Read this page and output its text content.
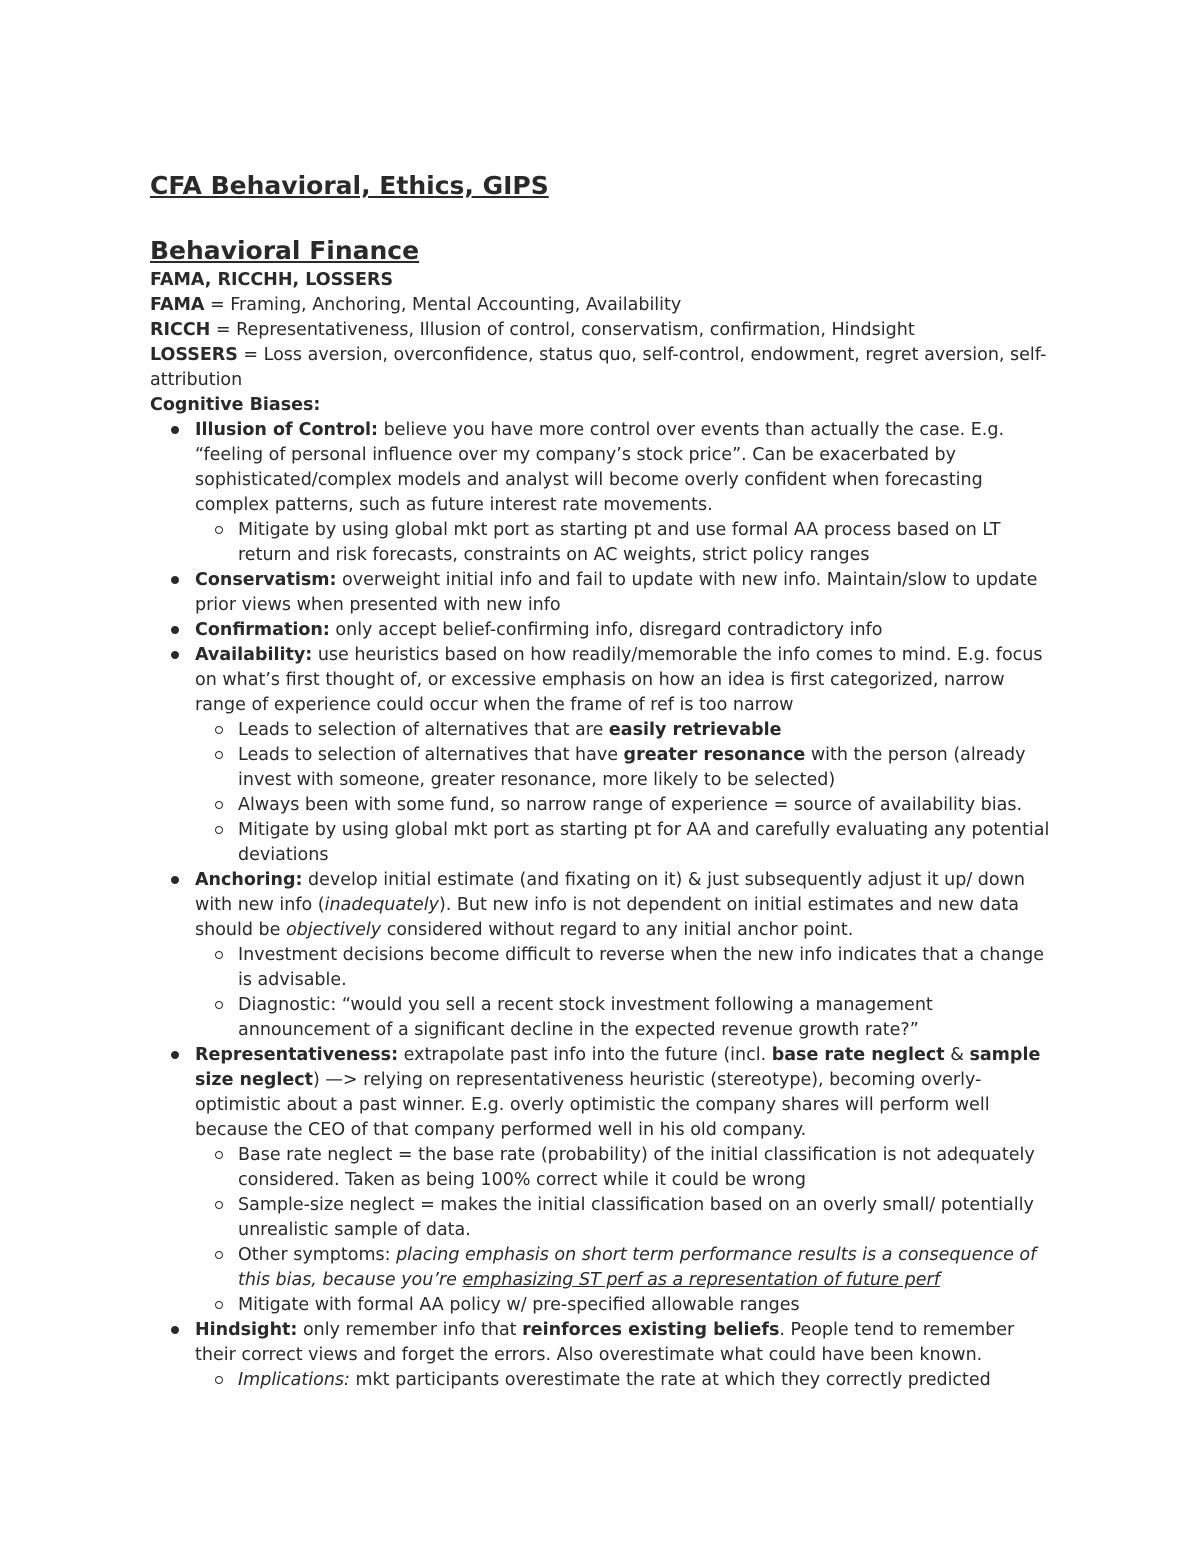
CFA Behavioral, Ethics, GIPS
Behavioral Finance

FAMA, RICCHH, LOSSERS

FAMA = Framing, Anchoring, Mental Accounting, Availability

RICCH = Representativeness, Illusion of control, conservatism, confirmation, Hindsight

LOSSERS = Loss aversion, overconfidence, status quo, self-control, endowment, regret aversion, self-attribution

Cognitive Biases:

Illusion of Control: believe you have more control over events than actually the case. E.g. “feeling of personal influence over my company’s stock price”. Can be exacerbated by sophisticated/complex models and analyst will become overly confident when forecasting complex patterns, such as future interest rate movements.
Mitigate by using global mkt port as starting pt and use formal AA process based on LT return and risk forecasts, constraints on AC weights, strict policy ranges
Conservatism: overweight initial info and fail to update with new info. Maintain/slow to update prior views when presented with new info
Confirmation: only accept belief-confirming info, disregard contradictory info
Availability: use heuristics based on how readily/memorable the info comes to mind. E.g. focus on what’s first thought of, or excessive emphasis on how an idea is first categorized, narrow range of experience could occur when the frame of ref is too narrow
Leads to selection of alternatives that are easily retrievable
Leads to selection of alternatives that have greater resonance with the person (already invest with someone, greater resonance, more likely to be selected)
Always been with some fund, so narrow range of experience = source of availability bias.
Mitigate by using global mkt port as starting pt for AA and carefully evaluating any potential deviations
Anchoring: develop initial estimate (and fixating on it) & just subsequently adjust it up/ down with new info (inadequately). But new info is not dependent on initial estimates and new data should be objectively considered without regard to any initial anchor point.
Investment decisions become difficult to reverse when the new info indicates that a change is advisable.
Diagnostic: “would you sell a recent stock investment following a management announcement of a significant decline in the expected revenue growth rate?”
Representativeness: extrapolate past info into the future (incl. base rate neglect & sample size neglect) —> relying on representativeness heuristic (stereotype), becoming overly-optimistic about a past winner. E.g. overly optimistic the company shares will perform well because the CEO of that company performed well in his old company.
Base rate neglect = the base rate (probability) of the initial classification is not adequately considered. Taken as being 100% correct while it could be wrong
Sample-size neglect = makes the initial classification based on an overly small/ potentially unrealistic sample of data.
Other symptoms: placing emphasis on short term performance results is a consequence of this bias, because you’re emphasizing ST perf as a representation of future perf
Mitigate with formal AA policy w/ pre-specified allowable ranges
Hindsight: only remember info that reinforces existing beliefs. People tend to remember their correct views and forget the errors. Also overestimate what could have been known.
Implications: mkt participants overestimate the rate at which they correctly predicted
